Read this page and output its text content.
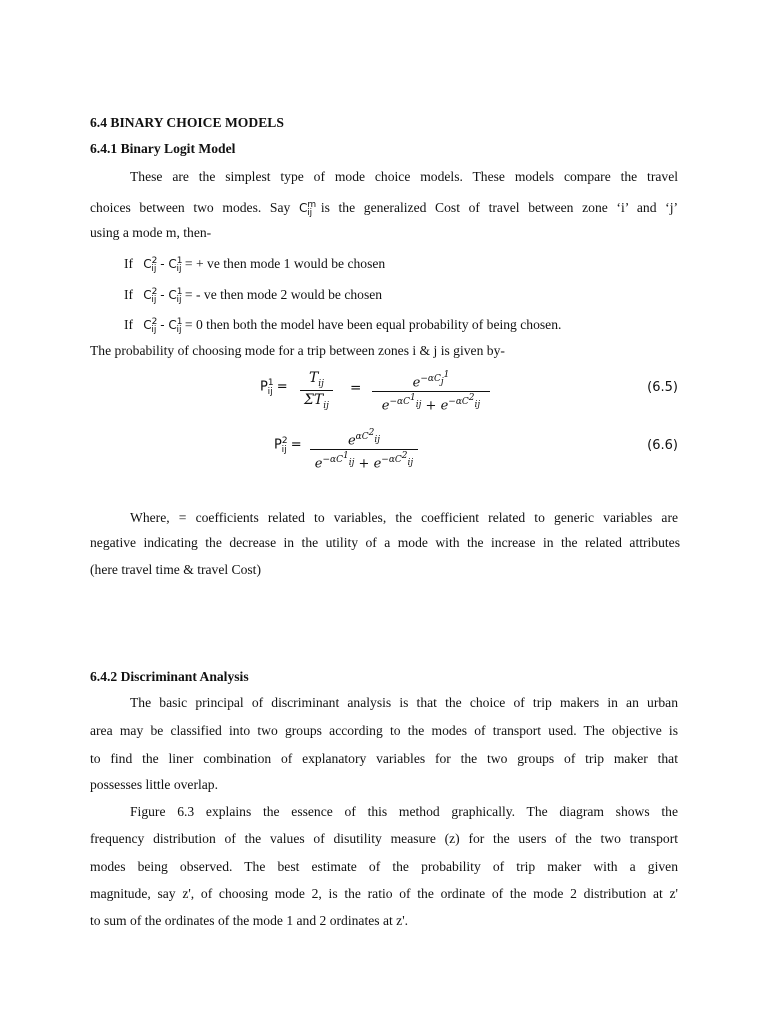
6.4 BINARY CHOICE MODELS
6.4.1 Binary Logit Model
These are the simplest type of mode choice models. These models compare the travel
choices between two modes. Say $C^m_{ij}$ is the generalized Cost of travel between zone ‘i’ and ‘j’
using a mode m, then-
If $C^2_{ij} - C^1_{ij}$ = + ve then mode 1 would be chosen
If $C^2_{ij} - C^1_{ij}$ = - ve then mode 2 would be chosen
If $C^2_{ij} - C^1_{ij} = 0$ then both the model have been equal probability of being chosen.
The probability of choosing mode for a trip between zones i & j is given by-
$P^1_{ij}$ =
$T_{ij}$
$\Sigma T_{ij}$
=	$e^{-\alpha C_j^1}$
$e^{-\alpha C^1_{ij}} + e^{-\alpha C^2_{ij}}$
(6.5)
$P^2_{ij}$ =	$e^{\alpha C^2_{ij}}$
$e^{-\alpha C^1_{ij}} + e^{-\alpha C^2_{ij}}$
(6.6)
Where, = coefficients related to variables, the coefficient related to generic variables are
negative indicating the decrease in the utility of a mode with the increase in the related attributes
(here travel time & travel Cost)
6.4.2 Discriminant Analysis
The basic principal of discriminant analysis is that the choice of trip makers in an urban
area may be classified into two groups according to the modes of transport used. The objective is
to find the liner combination of explanatory variables for the two groups of trip maker that
possesses little overlap.
Figure 6.3 explains the essence of this method graphically. The diagram shows the
frequency distribution of the values of disutility measure (z) for the users of the two transport
modes being observed. The best estimate of the probability of trip maker with a given
magnitude, say z', of choosing mode 2, is the ratio of the ordinate of the mode 2 distribution at z'
to sum of the ordinates of the mode 1 and 2 ordinates at z'.
